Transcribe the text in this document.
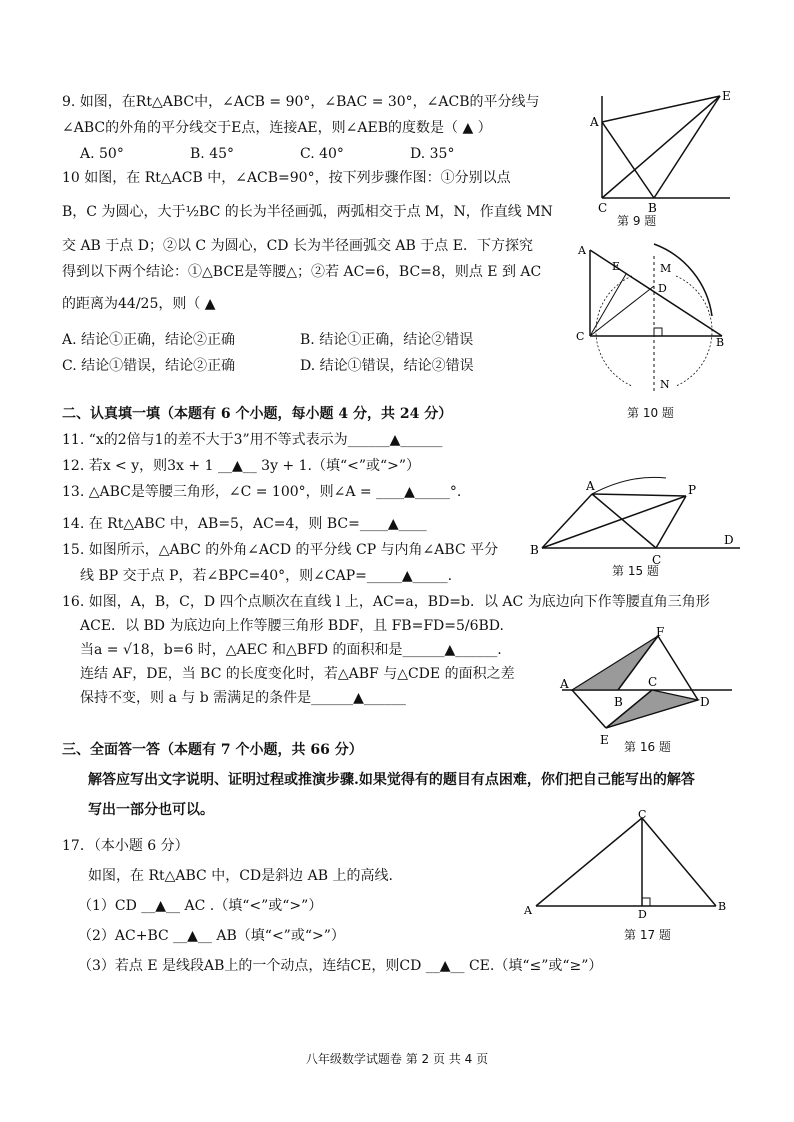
9. 如图，在Rt△ABC中，∠ACB = 90°，∠BAC = 30°，∠ACB的平分线与
∠ABC的外角的平分线交于E点，连接AE，则∠AEB的度数是（ ▲ ）
A. 50°	B. 45°	C. 40°	D. 35°
10 如图，在 Rt△ACB 中，∠ACB=90°，按下列步骤作图：①分别以点
B，C 为圆心，大于½BC 的长为半径画弧，两弧相交于点 M，N，作直线 MN
交 AB 于点 D；②以 C 为圆心，CD 长为半径画弧交 AB 于点 E．下方探究
得到以下两个结论：①△BCE是等腰△；②若 AC=6，BC=8，则点 E 到 AC
的距离为44/25，则（ ▲
A. 结论①正确，结论②正确	B. 结论①正确，结论②错误
C. 结论①错误，结论②正确	D. 结论①错误，结论②错误
二、认真填一填（本题有 6 个小题，每小题 4 分，共 24 分）
11. “x的2倍与1的差不大于3”用不等式表示为______▲______
12. 若x < y，则3x + 1 __▲__ 3y + 1.（填“<”或“>”）
13. △ABC是等腰三角形，∠C = 100°，则∠A = ____▲_____°.
14. 在 Rt△ABC 中，AB=5，AC=4，则 BC=____▲____
15. 如图所示，△ABC 的外角∠ACD 的平分线 CP 与内角∠ABC 平分
线 BP 交于点 P，若∠BPC=40°，则∠CAP=_____▲_____.
16. 如图，A，B，C，D 四个点顺次在直线 l 上，AC=a，BD=b．以 AC 为底边向下作等腰直角三角形
ACE．以 BD 为底边向上作等腰三角形 BDF，且 FB=FD=5/6BD.
当a = √18，b=6 时，△AEC 和△BFD 的面积和是______▲______.
连结 AF，DE，当 BC 的长度变化时，若△ABF 与△CDE 的面积之差
保持不变，则 a 与 b 需满足的条件是______▲______
三、全面答一答（本题有 7 个小题，共 66 分）
解答应写出文字说明、证明过程或推演步骤.如果觉得有的题目有点困难，你们把自己能写出的解答
写出一部分也可以。
17．（本小题 6 分）
如图，在 Rt△ABC 中，CD是斜边 AB 上的高线.
（1）CD __▲__ AC .（填“<”或“>”）
（2）AC+BC __▲__ AB（填“<”或“>”）
（3）若点 E 是线段AB上的一个动点，连结CE，则CD __▲__ CE.（填“≤”或“≥”）
A
C	B
E
第 9 题
A
C	B
D
M
N
E
第 10 题
B
A
C
P
D
第 15 题
A
B
C
D
F
E 第 16 题
A	B
C
D
第 17 题
八年级数学试题卷 第 2 页 共 4 页
